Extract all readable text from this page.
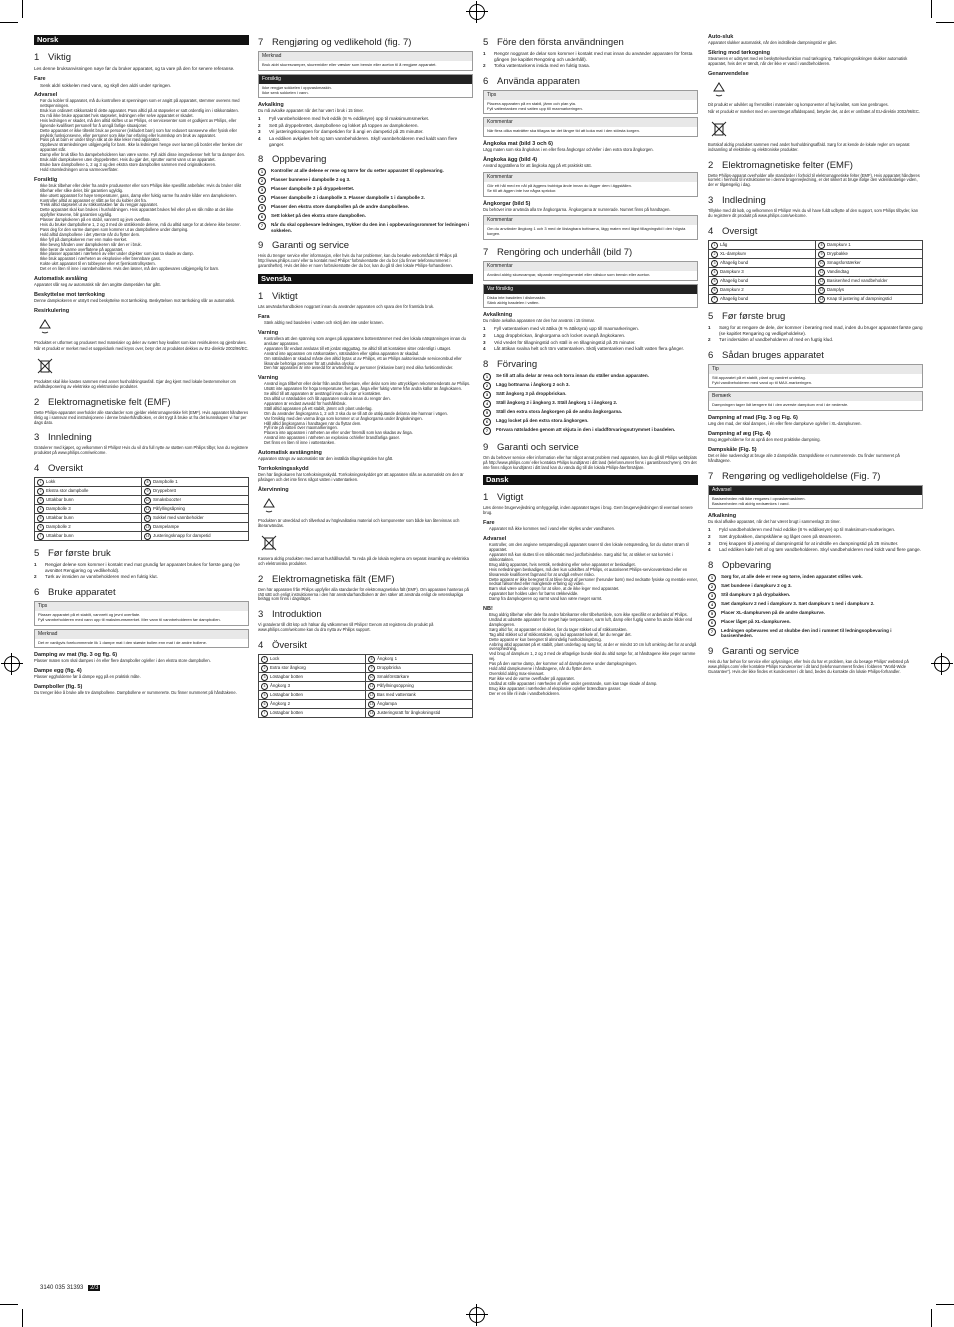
Norsk
1 Viktig

Les denne bruksanvisningen nøye før du bruker apparatet, og ta vare på den for senere referanse.

Fare
• Senk aldri sokkelen med vann, og skyll den aldri under springen.
Advarsel
• Før du kobler til apparatet, må du kontrollere at spenningen som er angitt på apparatet, stemmer overens med nettspenningen.
• Bruk kun ordinært stikkontakt til dette apparatet. Pass alltid på at støpselet er satt ordentlig inn i stikkontakten.
• Du må ikke bruke apparatet hvis støpselet, ledningen eller selve apparatet er skadet.
• Hvis ledningen er skadet, må den alltid skiftes ut av Philips, et servicesenter som er godkjent av Philips, eller lignende kvalifisert personell for å unngå farlige situasjoner.
• Dette apparatet er ikke tiltenkt bruk av personer (inkludert barn) som har redusert sanseevne eller fysisk eller psykisk funksjonsevne, eller personer som ikke har erfaring eller kunnskap om bruk av apparatet.
• Pass på at barn er under tilsyn slik at de ikke leker med apparatet.
• Oppbevar strømledningen utilgjengelig for barn. Ikke la ledningen henge over kanten på bordet eller benken der apparatet står.
• Damp eller bruk tåke fra dampebeholderen kan være varme. Fyll aldri disse inngredienser helt for ta damper den.
• Bruk aldri dampkokeren uten dryppebrettet. Hvis du gjør det, sprutter varmt vann ut av apparatet.
• Bruke bare dampbollene 1, 2 og 3 og den ekstra store dampbollen sammen med originalkokeren.
• Hold strømledningen unna varmeoverflater.
Forsiktig
• Ikke bruk tilbehør eller deler fra andre produsenter eller som Philips ikke spesifikt anbefaler. Hvis du bruker slikt tilbehør eller slike deler, blir garantien ugyldig.
• Ikke utsett apparatet for høye temperaturer, gass, damp eller fuktig varme fra andre kilder enn dampkokeren.
• Kontroller alltid at apparatet er slått av før du kobler det fra.
• Trekk alltid støpselet ut av stikkontakten før du rengjør apparatet.
• Dette apparatet skal kun brukes i husholdningen. Hvis apparatet brukes feil eller på en slik måte at det ikke oppfyller kravene, blir garantien ugyldig.
• Plasser dampkokeren på en stabil, vannrett og jevn overflate.
• Hvis du bruker dampbollene 1, 2 og 3 med de utstikkende delene, må du alltid sørge for at delene ikke berører.
• Pass deg for den varme dampen som kommer ut av dampbollene under damping.
• Hold alltid dampbollene i det ytterste når du flytter dem.
• Ikke fyll på dampkokeren mer enn maks-merket.
• Ikke beveg hånden over dampkokeren når den er i bruk.
• Ikke berør de varme overflatene på apparatet.
• Ikke plasser apparatet i nærheten av eller under objekter som kan ta skade av damp.
• Ikke bruk apparatet i nærheten av eksplosive eller brennbare gass.
• Kokte ukrt apparatet til en tobbeyner eller et fjernkontrollsystem.
• Det er en liten ril inne i vannbeholderen. Hvis den løsner, må den oppbevares utilgjengelig for barn.
Automatisk avslåing

Apparatet slår seg av automatisk når den angitte dampetiden har gått.

Beskyttelse mot tørrkoking

Denne dampkokeren er utstyrt med beskyttelse mot tørrkoking. Beskyttelsen mot tørrkoking slår av automatisk.

Resirkulering

Produktet er utformet og produsert med materialer og deler av svært høy kvalitet som kan resirkuleres og gjenbrukes.

Når et produkt er merket med et søppeldunk med kryss over, betyr det at produktet dekkes av EU-direktiv 2002/96/EC.

Produktet skal ikke kastes sammen med annet husholdningsavfall. Gjør deg kjent med lokale bestemmelser om avfallsdeponering av elektriske og elektroniske produkter.

2 Elektromagnetiske felt (EMF)

Dette Philips-apparatet overholder alle standarder som gjelder elektromagnetiske felt (EMF). Hvis apparatet håndteres riktig og i samsvar med instruksjonene i denne brukerhåndboken, er det trygt å bruke ut fra det kunnskapen vi har per dags dato.

3 Innledning

Gratulerer med kjøpet, og velkommen til Philips! Hvis du vil dra full nytte av støtten som Philips tilbyr, kan du registrere produktet på www.philips.com/welcome.

4 Oversikt
1 Lokk	8 Dampbolle 1
2 Ekstra stor dampbolle	9 Dryppebrett
3 Uttakbar bunn	10 Smaksboozter
4 Dampbolle 3	11 Påfyllingsåpning
5 Uttakbar bunn	12 Sokkel med vannbeholder
6 Dampbolle 2	13 Dampelampe
7 Uttakbar bunn	14 Justeringsknapp for dampetid
5 Før første bruk
1	Rengjør delene som kommer i kontakt med mat grundig før apparatet brukes for første gang (se avsnittet Rengjøring og vedlikehold).
2	Tørk av innsiden av vannbeholderen med en fuktig klut.
6 Bruke apparatet
Tips
Plasser apparatet på et stabilt, vannrett og jevnt overflate.
Fyll vannbeholderen med vann opp til maksimumsmerket. Mer vann til vannbeholderen før dampbollen.
Merknad
Det er vanligvis forekommende lik 1 dampe mat i den største bollen enn mat i de andre bollene.
Damping av mat (fig. 3 og fig. 6)

Plasser maten som skal dampes i én eller flere dampboller og/eller i den ekstra store dampbollen.

Dampe egg (fig. 4)

Plasser eggholderne før å dampe egg på en praktisk måte.

Dampboller (fig. 5)

Du trenger ikke å bruke alle tre dampbollene. Dampbollene er nummererte. Du finner nummeret på håndtakene.

7 Rengjøring og vedlikehold (fig. 7)
Merknad
Bruk aldri skuresvamper, skuremidler eller væsker som bensin eller aceton til å rengjøre apparatet.
Forsiktig
Ikke rengjør sokkelen i oppvaskmaskin.
Ikke senk sokkelen i vann.
Avkalking

Du må avkalke apparatet når det har vært i bruk i 15 timer.

1	Fyll vannbeholderen med hvit eddik (8 % eddiksyre) opp til maksimumsmerket.
2	Sett på dryppebrettet, dampbollene og lokket på toppen av dampkokeren.
3	Vri justeringsknappen for dampetiden for å angi en dampetid på 25 minutter.
4	La eddiken avkjøles helt og tøm vannbeholderen. Skyll vannbeholderen med kaldt vann flere ganger.
8 Oppbevaring
1	Kontroller at alle delene er rene og tørre før du setter apparatet til oppbevaring.
2	Plasser bunnene i dampbolle 2 og 3.
3	Plasser dampbolle 3 på dryppebrettet.
4	Plasser dampbolle 2 i dampbolle 3. Plasser dampbolle 1 i dampbolle 2.
5	Plasser den ekstra store dampbollen på de andre dampbollene.
6	Sett lokket på den ekstra store dampbollen.
7	Når du skal oppbevare ledningen, trykker du den inn i oppbevaringsrommet for ledningen i sokkelen.
9 Garanti og service

Hvis du trenger service eller informasjon, eller hvis du har problemer, kan du besøke webområdet til Philips på http://www.philips.com/ eller ta kontakt med Philips' forbrukerstøtte der du bor (du finner telefonnummeret i garantiheftet). Hvis det ikke er noen forbrukerstøtte der du bor, kan du gå til den lokale Philips-forhandleren.

Svenska
1 Viktigt

Läs användarhandboken noggrant innan du använder apparaten och spara den för framtida bruk.

Fara
• Sänk aldrig ned basdelen i vatten och skölj den inte under kranen.
Varning
• Kontrollera att den spänning som anges på apparatens bottenstämmer med den lokala nätspänningen innan du ansluter apparaten.
• Apparaten får endast anslutas till ett jordat vägguttag. Se alltid till att kontakten sitter ordentligt i uttaget.
• Använd inte apparaten om nätkontakten, nätsladden eller själva apparaten är skadad.
• Om nätsladden är skadad måste den alltid bytas ut av Philips, ett av Philips auktoriserade serviceombud eller liknande behöriga personer för att undvika olyckor.
• Den här apparaten är inte avsedd för användning av personer (inklusive barn) med olika funktionshinder.
Varning
• Använd inga tillbehör eller delar från andra tillverkare, eller delar som inte uttryckligen rekommenderats av Philips.
• Utsätt inte apparaten för höga temperaturer, het gas, ånga eller fuktig värme från andra källor än ångkokaren.
• Se alltid till att apparaten är avstängd innan du drar ur kontakten.
• Dra alltid ur nätsladden och låt apparaten svalna innan du rengör den.
• Apparaten är endast avsedd för hushållsbruk.
• Ställ alltid apparaten på ett stabilt, jämnt och plant underlag.
• Om du använder ångkorgarna 1, 2 och 3 ska du se till att de utskjutande delarna inte hamnar i vägen.
• Var försiktig med den varma ånga som kommer ut ur ångkorgarna under ångkokningen.
• Håll alltid ångkorgarna i handtagen när du flyttar dem.
• Fyll inte på vatten över maxmarkeringen.
• Placera inte apparaten i närheten av eller under föremål som kan skadas av ånga.
• Använd inte apparaten i närheten av explosiva och/eller brandfarliga gaser.
• Det finns en liten ril inne i vattentanken.
Automatisk avstängning

Apparaten stängs av automatiskt när den inställda tillagningstiden har gått.

Torrkokningsskydd

Den här ångkokaren har torrkokningsskydd. Torrkokningsskyddet gör att apparaten slås av automatiskt om den är påslagen och det inte finns något vatten i vattentanken.

Återvinning

Produkten är utvecklad och tillverkad av högkvalitativa material och komponenter som både kan återvinnas och återanvändas.

Kassera aldrig produkten med annat hushållsavfall. Ta reda på de lokala reglerna om separat insamling av elektriska och elektroniska produkter.

2 Elektromagnetiska fält (EMF)

Den här apparaten från Philips uppfyller alla standarder för elektromagnetiska fält (EMF). Om apparaten hanteras på rätt sätt och enligt instruktionerna i den här användarhandboken är den säker att använda enligt de vetenskapliga belägg som finns i dagsläget.

3 Introduktion

Vi gratulerar till ditt köp och hälsar dig välkommen till Philips! Genom att registrera din produkt på www.philips.com/welcome kan du dra nytta av Philips support.

4 Översikt
1 Lock	8 Ångkorg 1
2 Extra stor ångkorg	9 Droppbricka
3 Löstagbar botten	10 Smakförstärkare
4 Ångkorg 3	11 Påfyllningsöppning
5 Löstagbar botten	12 Bas med vattentank
6 Ångkorg 2	13 Ånglampa
7 Löstagbar botten	14 Justeringsratt för ångkokningstid
5 Före den första användningen
1	Rengör noggrant de delar som kommer i kontakt med mat innan du använder apparaten för första gången (se kapitlet Rengöring och underhåll).
2	Torka vattentankens insida med en fuktig trasa.
6 Använda apparaten
Tips
Placera apparaten på en stabil, jämn och plan yta.
Fyll vattentanken med vatten upp till maxmarkeringen.
Kommentar
När flera olika maträtter ska tillagas tar det längre tid att koka mat i den största korgen.
Ångkoka mat (bild 3 och 6)

Lägg maten som ska ångkokas i en eller flera ångkorgar och/eller i den extra stora ångkorgen.

Ångkoka ägg (bild 4)

Använd äggställena för att ångkoka ägg på ett praktiskt sätt.

Kommentar
Gör ett hål med en nål på äggens trubbiga ände innan du lägger dem i äggställen.
Se till att äggen inte har några sprickor.
Ångkorgar (bild 5)

Du behöver inte använda alla tre ångkorgarna. Ångkorgarna är numrerade. Numret finns på handtagen.

Kommentar
Om du använder ångkorg 1 och 3 med de löstagbara bottnarna, lägg maten med lägst tillagningstid i den högsta korgen.
7 Rengöring och underhåll (bild 7)
Kommentar
Använd aldrig skursvampar, slipande rengöringsmedel eller vätskor som bensin eller aceton.
Var försiktig
Diska inte basdelen i diskmaskin.
Sänk aldrig basdelen i vatten.
Avkalkning

Du måste avkalka apparaten när den har använts i 15 timmar.

1	Fyll vattentanken med vit ättika (8 % ättiksyra) upp till maxmarkeringen.
2	Lägg droppbrickan, ångkorgarna och locket ovanpå ångkokaren.
3	Vrid vredet för tillagningstid och ställ in en tillagningstid på 25 minuter.
4	Låt ättikan svalna helt och töm vattentanken. Skölj vattentanken med kallt vatten flera gånger.
8 Förvaring
1	Se till att alla delar är rena och torra innan du ställer undan apparaten.
2	Lägg bottnarna i ångkorg 2 och 3.
3	Sätt ångkorg 3 på droppbrickan.
4	Ställ ångkorg 2 i ångkorg 3. Ställ ångkorg 1 i ångkorg 2.
5	Ställ den extra stora ångkorgen på de andra ångkorgarna.
6	Lägg locket på den extra stora ångkorgen.
7	Förvara nätsladden genom att skjuta in den i sladdförvaringsutrymmet i basdelen.
9 Garanti och service

Om du behöver service eller information eller har något annat problem med apparaten, kan du gå till Philips webbplats på http://www.philips.com/ eller kontakta Philips kundtjänst i ditt land (telefonnumret finns i garantibroschyren). Om det inte finns någon kundtjänst i ditt land kan du vända dig till din lokala Philips-återförsäljare.

Dansk
1 Vigtigt

Læs denne brugervejledning omhyggeligt, inden apparatet tages i brug. Gem brugervejledningen til eventuel senere brug.

Fare
• Apparatet må ikke kommes ned i vand eller skylles under vandhanen.
Advarsel
• Kontroller, om den angivne netspænding på apparatet svarer til den lokale netspænding, før du slutter strøm til apparatet.
• Apparatet må kun sluttes til en stikkontakt med jordforbindelse. Sørg altid for, at stikket er sat korrekt i stikkontakten.
• Brug aldrig apparatet, hvis netstik, netledning eller selve apparatet er beskadiget.
• Hvis netledningen beskadiges, må den kun udskiftes af Philips, et autoriseret Philips-serviceværksted eller en tilsvarende kvalificeret fagmand for at undgå enhver risiko.
• Dette apparat er ikke beregnet til at blive brugt af personer (herunder børn) med nedsatte fysiske og mentale evner, nedsat følsomhed eller manglende erfaring og viden.
• Børn skal være under opsyn for at sikre, at de ikke leger med apparatet.
• Apparatet bør holdes uden for børns rækkevidde.
• Damp fra dampkogeren og varmt vand kan være meget varmt.
NB!
• Brug aldrig tilbehør eller dele fra andre fabrikanter eller tilbehør/dele, som ikke specifikt er anbefalet af Philips.
• Undlad at udsætte apparatet for meget høje temperaturer, varm luft, damp eller fugtig varme fra andre kilder end dampkogeren.
• Sørg altid for, at apparatet er slukket, før du tager stikket ud af stikkontakten.
• Tag altid stikket ud af stikkontakten, og lad apparatet køle af, før du rengør det.
• Dette apparat er kun beregnet til almindelig husholdningsbrug.
• Anbring altid apparatet på et stabilt, plant underlag og sørg for, at der er mindst 10 cm luft omkring det for at undgå overophedning.
• Ved brug af dampkurv 1, 2 og 3 med de aftagelige bunde skal du altid sørge for, at håndtagene ikke peger samme vej.
• Pas på den varme damp, der kommer ud af dampkurvene under dampkogningen.
• Hold altid dampkurvene i håndtagene, når du flytter dem.
• Overskrid aldrig max-niveauet.
• Rør ikke ved de varme overflader på apparatet.
• Undlad at stille apparatet i nærheden af eller under genstande, som kan tage skade af damp.
• Brug ikke apparatet i nærheden af eksplosive og/eller brændbare gasser.
• Der er en lille ril inde i vandbeholderen.
Auto-sluk

Apparatet slukker automatisk, når den indstillede dampningstid er gået.

Sikring mod tørkogning

Steameren er udstyret med en beskyttelsesfunktion mod tørkogning. Tørkogningssikringen slukker automatisk apparatet, hvis det er tændt, når der ikke er vand i vandbeholderen.

Genanvendelse

Dit produkt er udviklet og fremstillet i materialer og komponenter af høj kvalitet, som kan genbruges.

Når et produkt er mærket med en overstreget affaldsspand, betyder det, at det er omfattet af EU-direktiv 2002/96/EC.

Bortskaf aldrig produktet sammen med andet husholdningsaffald. Sørg for at kende de lokale regler om separat indsamling af elektriske og elektroniske produkter.

2 Elektromagnetiske felter (EMF)

Dette Philips-apparat overholder alle standarder i forhold til elektromagnetiske felter (EMF). Hvis apparatet håndteres korrekt i henhold til instruktionerne i denne brugervejledning, er det sikkert at bruge ifølge den videnskabelige viden, der er tilgængelig i dag.

3 Indledning

Tillykke med dit køb, og velkommen til Philips! Hvis du vil have fuldt udbytte af den support, som Philips tilbyder, kan du registrere dit produkt på www.philips.com/welcome.

4 Oversigt
1 Låg	8 Dampkurv 1
2 XL-dampkurv	9 Drypbakke
3 Aftagelig bund	10 Smagsforstærker
4 Dampkurv 3	11 Vandindtag
5 Aftagelig bund	12 Basisenhed med vandbeholder
6 Dampkurv 2	13 Damplys
7 Aftagelig bund	14 Knap til justering af dampningstid
5 Før første brug
1	Sørg for at rengøre de dele, der kommer i berøring med mad, inden du bruger apparatet første gang (se kapitlet Rengøring og vedligeholdelse).
2	Tør indersiden af vandbeholderen af med en fugtig klud.
6 Sådan bruges apparatet
Tip
Stil apparatet på et stabilt, plant og vandret underlag.
Fyld vandbeholderen med vand op til MAX-markeringen.
Bemærk
Dampningen tager lidt længere tid i den øverste dampkurv end i de nederste.
Dampning af mad (Fig. 3 og Fig. 6)

Læg den mad, der skal dampes, i én eller flere dampkurve og/eller i XL-dampkurven.

Dampning af æg (Fig. 4)

Brug æggeholderne for at opnå den mest praktiske dampning.

Dampskåle (Fig. 5)

Det er ikke nødvendigt at bruge alle 3 dampskåle. Dampskålene er nummererede. Du finder nummeret på håndtagene.

7 Rengøring og vedligeholdelse (Fig. 7)
Advarsel
Basisenheden må ikke rengøres i opvaskemaskinen.
Basisenheden må aldrig nedsænkes i vand.
Afkalkning

Du skal afkalke apparatet, når det har været brugt i sammenlagt 15 timer.

1	Fyld vandbeholderen med hvid eddike (8 % eddikesyre) op til maksimum-markeringen.
2	Sæt drypbakken, dampskålene og låget oven på steameren.
3	Drej knappen til justering af dampningstid for at indstille en dampningstid på 25 minutter.
4	Lad eddiken køle helt af og tøm vandbeholderen. Skyl vandbeholderen med koldt vand flere gange.
8 Opbevaring
1	Sørg for, at alle dele er rene og tørre, inden apparatet stilles væk.
2	Sæt bundene i dampkurv 2 og 3.
3	Stil dampkurv 3 på drypbakken.
4	Sæt dampkurv 2 ned i dampkurv 3. Sæt dampkurv 1 ned i dampkurv 2.
5	Placer XL-dampkurven på de andre dampkurve.
6	Placer låget på XL-dampkurven.
7	Ledningen opbevares ved at skubbe den ind i rummet til ledningsopbevaring i basisenheden.
9 Garanti og service

Hvis du har behov for service eller oplysninger, eller hvis du har et problem, kan du besøge Philips' websted på www.philips.com/ eller kontakte Philips Kundecenter i dit land (telefonnummeret findes i folderen "World-Wide Guarantee"). Hvis der ikke findes et kundecenter i dit land, bedes du kontakte din lokale Philips-forhandler.

3140 035 31393 2/3
